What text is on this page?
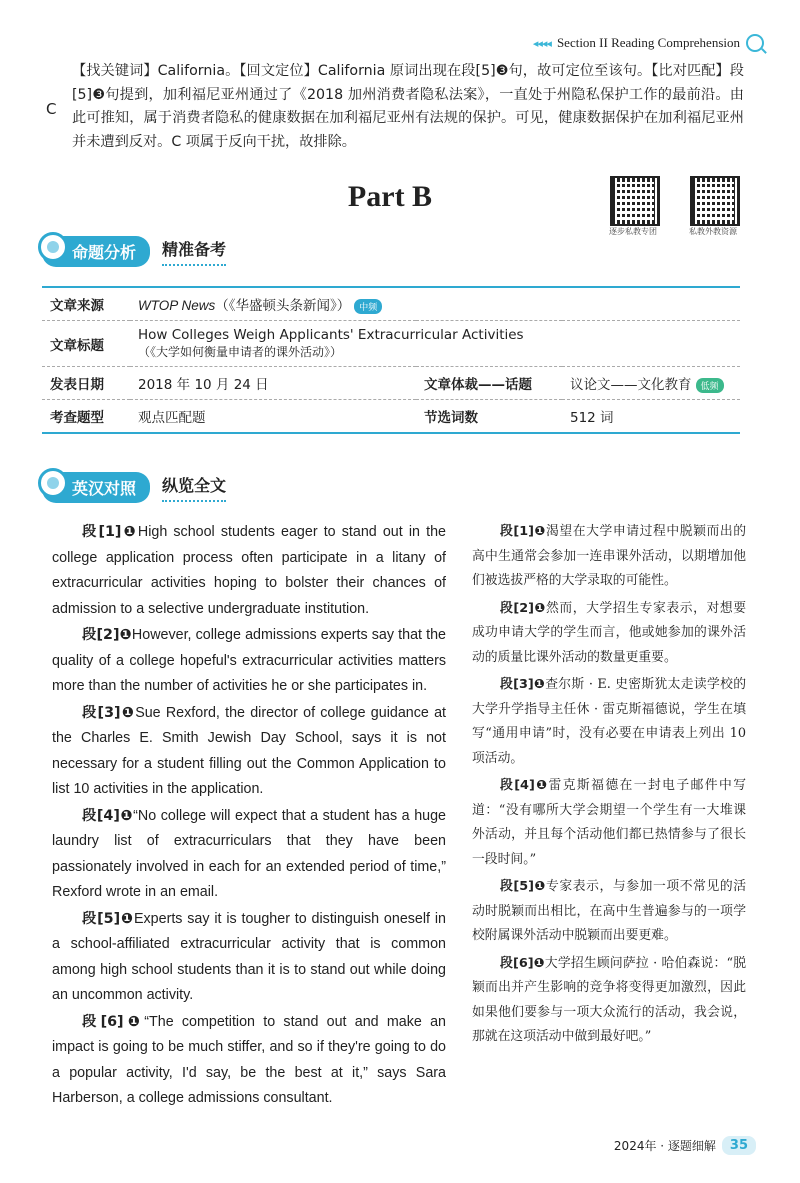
◂◂◂◂ Section II Reading Comprehension
C
【找关键词】California。【回文定位】California 原词出现在段[5]❸句，故可定位至该句。【比对匹配】段[5]❸句提到，加利福尼亚州通过了《2018 加州消费者隐私法案》，一直处于州隐私保护工作的最前沿。由此可推知，属于消费者隐私的健康数据在加利福尼亚州有法规的保护。可见，健康数据保护在加利福尼亚州并未遭到反对。C 项属于反向干扰，故排除。
Part B
逐步私教专团	私教外教资源
命题分析	精准备考
文章来源	WTOP News（《华盛顿头条新闻》） 中频		
文章标题	How Colleges Weigh Applicants' Extracurricular Activities
（《大学如何衡量申请者的课外活动》）		

发表日期	2018 年 10 月 24 日	文章体裁——话题	议论文——文化教育 低频
考查题型	观点匹配题	节选词数	512 词
英汉对照	纵览全文

段[1]❶High school students eager to stand out in the college application process often participate in a litany of extracurricular activities hoping to bolster their chances of admission to a selective undergraduate institution.

段[2]❶However, college admissions experts say that the quality of a college hopeful's extracurricular activities matters more than the number of activities he or she participates in.

段[3]❶Sue Rexford, the director of college guidance at the Charles E. Smith Jewish Day School, says it is not necessary for a student filling out the Common Application to list 10 activities in the application.

段[4]❶“No college will expect that a student has a huge laundry list of extracurriculars that they have been passionately involved in each for an extended period of time,” Rexford wrote in an email.

段[5]❶Experts say it is tougher to distinguish oneself in a school-affiliated extracurricular activity that is common among high school students than it is to stand out while doing an uncommon activity.

段[6]❶“The competition to stand out and make an impact is going to be much stiffer, and so if they're going to do a popular activity, I'd say, be the best at it,” says Sara Harberson, a college admissions consultant.

段[1]❶渴望在大学申请过程中脱颖而出的高中生通常会参加一连串课外活动，以期增加他们被选拔严格的大学录取的可能性。

段[2]❶然而，大学招生专家表示，对想要成功申请大学的学生而言，他或她参加的课外活动的质量比课外活动的数量更重要。

段[3]❶查尔斯 · E. 史密斯犹太走读学校的大学升学指导主任休 · 雷克斯福德说，学生在填写“通用申请”时，没有必要在申请表上列出 10 项活动。

段[4]❶雷克斯福德在一封电子邮件中写道：“没有哪所大学会期望一个学生有一大堆课外活动，并且每个活动他们都已热情参与了很长一段时间。”

段[5]❶专家表示，与参加一项不常见的活动时脱颖而出相比，在高中生普遍参与的一项学校附属课外活动中脱颖而出要更难。

段[6]❶大学招生顾问萨拉 · 哈伯森说：“脱颖而出并产生影响的竞争将变得更加激烈，因此如果他们要参与一项大众流行的活动，我会说，那就在这项活动中做到最好吧。”

2024年 · 逐题细解	35
